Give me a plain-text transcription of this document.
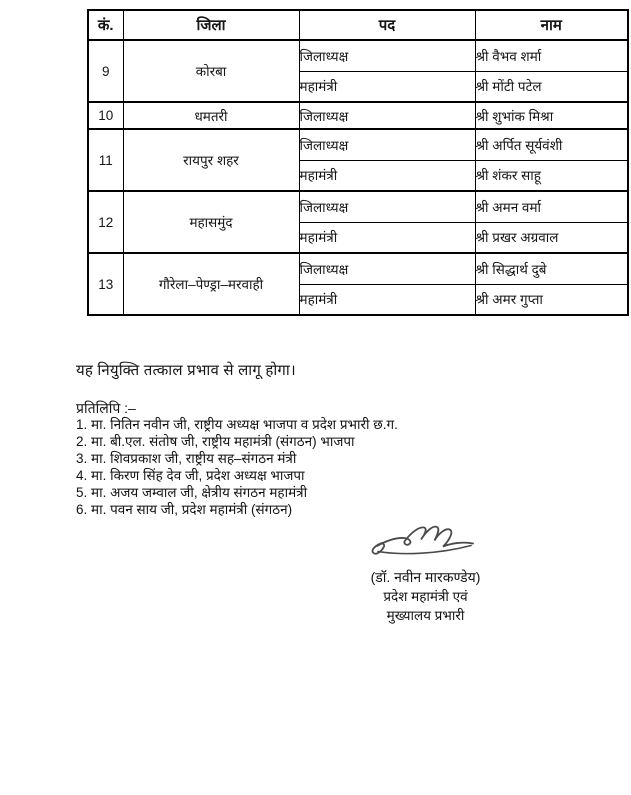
कं.	जिला	पद	नाम
9	कोरबा	जिलाध्यक्ष	श्री वैभव शर्मा
		महामंत्री	श्री मोंटी पटेल
10	धमतरी	जिलाध्यक्ष	श्री शुभांक मिश्रा
11	रायपुर शहर	जिलाध्यक्ष	श्री अर्पित सूर्यवंशी
		महामंत्री	श्री शंकर साहू
12	महासमुंद	जिलाध्यक्ष	श्री अमन वर्मा
		महामंत्री	श्री प्रखर अग्रवाल
13	गौरेला–पेण्ड्रा–मरवाही	जिलाध्यक्ष	श्री सिद्धार्थ दुबे
		महामंत्री	श्री अमर गुप्ता
यह नियुक्ति तत्काल प्रभाव से लागू होगा।
प्रतिलिपि :–
1. मा. नितिन नवीन जी, राष्ट्रीय अध्यक्ष भाजपा व प्रदेश प्रभारी छ.ग.
2. मा. बी.एल. संतोष जी, राष्ट्रीय महामंत्री (संगठन) भाजपा
3. मा. शिवप्रकाश जी, राष्ट्रीय सह–संगठन मंत्री
4. मा. किरण सिंह देव जी, प्रदेश अध्यक्ष भाजपा
5. मा. अजय जम्वाल जी, क्षेत्रीय संगठन महामंत्री
6. मा. पवन साय जी, प्रदेश महामंत्री (संगठन)
(डॉ. नवीन मारकण्डेय)
प्रदेश महामंत्री एवं
मुख्यालय प्रभारी
